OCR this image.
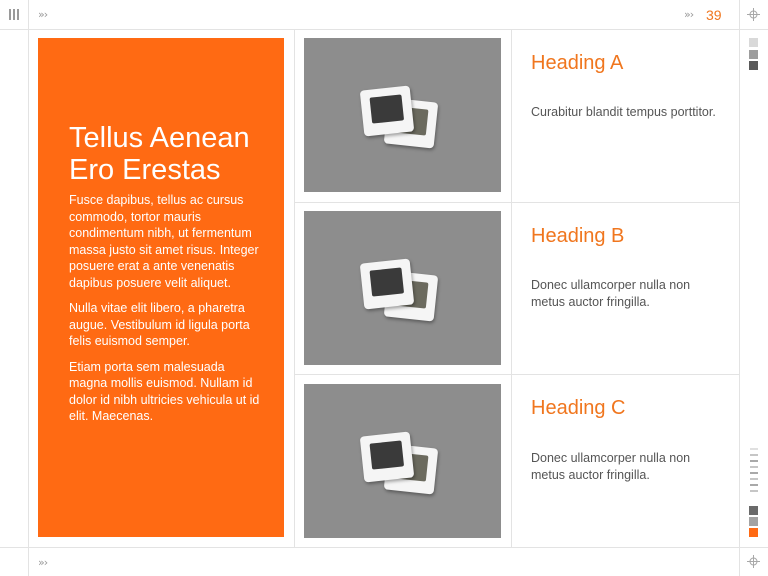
»›	»› 39
»›
Tellus Aenean
Ero Erestas

Fusce dapibus, tellus ac cursus commodo, tortor mauris condimentum nibh, ut fermentum massa justo sit amet risus. Integer posuere erat a ante venenatis dapibus posuere velit aliquet.

Nulla vitae elit libero, a pharetra augue. Vestibulum id ligula porta felis euismod semper.

Etiam porta sem malesuada magna mollis euismod. Nullam id dolor id nibh ultricies vehicula ut id elit. Maecenas.

Heading A
Curabitur blandit tempus porttitor.
Heading B
Donec ullamcorper nulla non metus auctor fringilla.
Heading C
Donec ullamcorper nulla non metus auctor fringilla.
